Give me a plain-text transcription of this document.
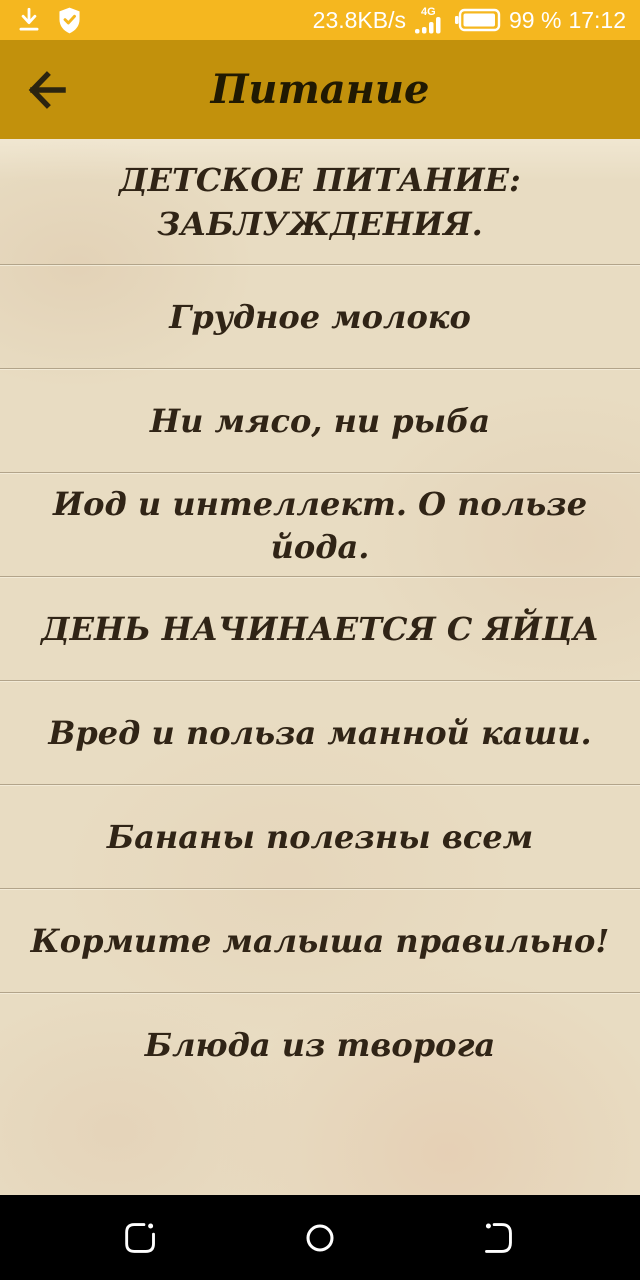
23.8KB/s 4G	99 % 17:12
Питание
ДЕТСКОЕ ПИТАНИЕ: ЗАБЛУЖДЕНИЯ.
Грудное молоко
Ни мясо, ни рыба
Иод и интеллект. О пользе йода.
ДЕНЬ НАЧИНАЕТСЯ С ЯЙЦА
Вред и польза манной каши.
Бананы полезны всем
Кормите малыша правильно!
Блюда из творога
